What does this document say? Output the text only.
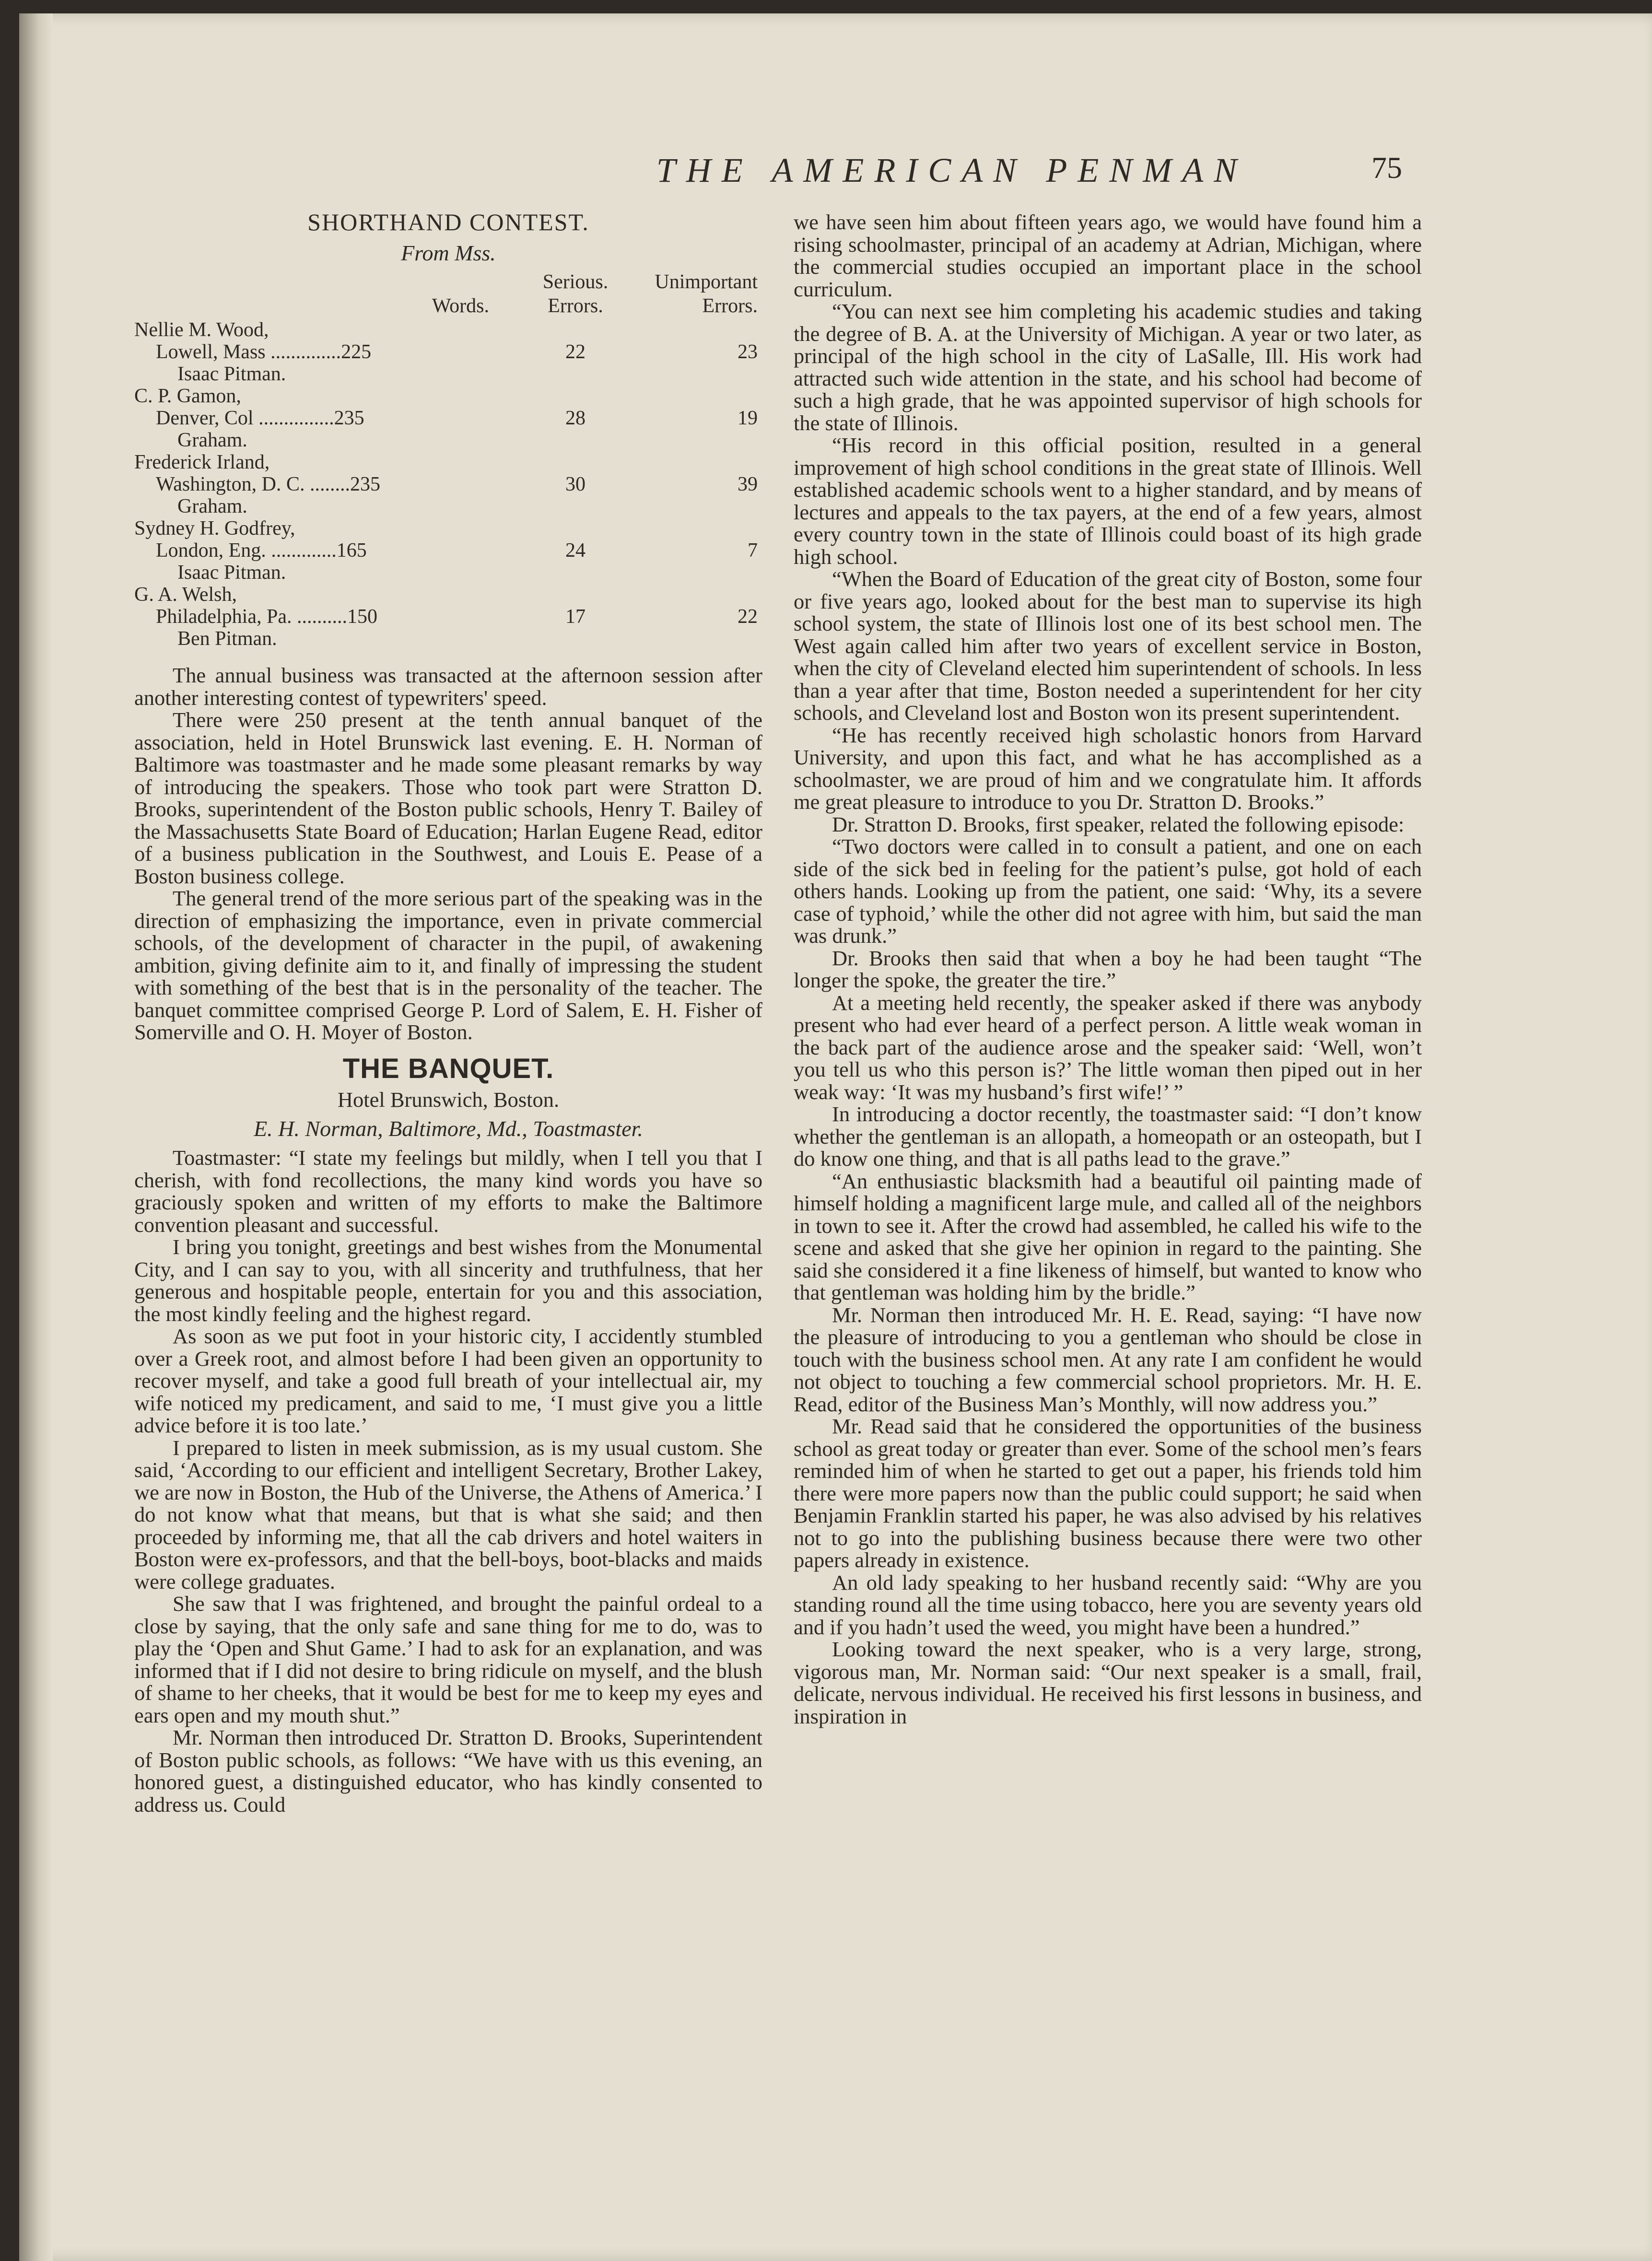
THE AMERICAN PENMAN	75
SHORTHAND CONTEST.
From Mss.
Serious.	Unimportant
Words.	Errors.	Errors.
Nellie M. Wood,
Lowell, Mass ..............225	22	23
Isaac Pitman.
C. P. Gamon,
Denver, Col ...............235	28	19
Graham.
Frederick Irland,
Washington, D. C. ........235	30	39
Graham.
Sydney H. Godfrey,
London, Eng. .............165	24	7
Isaac Pitman.
G. A. Welsh,
Philadelphia, Pa. ..........150	17	22
Ben Pitman.

The annual business was transacted at the afternoon session after another interesting contest of typewriters' speed.

There were 250 present at the tenth annual banquet of the association, held in Hotel Brunswick last evening. E. H. Norman of Baltimore was toastmaster and he made some pleasant remarks by way of introducing the speakers. Those who took part were Stratton D. Brooks, superintendent of the Boston public schools, Henry T. Bailey of the Massachusetts State Board of Education; Harlan Eugene Read, editor of a business publication in the Southwest, and Louis E. Pease of a Boston business college.

The general trend of the more serious part of the speaking was in the direction of emphasizing the importance, even in private commercial schools, of the development of character in the pupil, of awakening ambition, giving definite aim to it, and finally of impressing the student with something of the best that is in the personality of the teacher. The banquet committee comprised George P. Lord of Salem, E. H. Fisher of Somerville and O. H. Moyer of Boston.

THE BANQUET.
Hotel Brunswich, Boston.
E. H. Norman, Baltimore, Md., Toastmaster.

Toastmaster: “I state my feelings but mildly, when I tell you that I cherish, with fond recollections, the many kind words you have so graciously spoken and written of my efforts to make the Baltimore convention pleasant and successful.

I bring you tonight, greetings and best wishes from the Monumental City, and I can say to you, with all sincerity and truthfulness, that her generous and hospitable people, entertain for you and this association, the most kindly feeling and the highest regard.

As soon as we put foot in your historic city, I accidently stumbled over a Greek root, and almost before I had been given an opportunity to recover myself, and take a good full breath of your intellectual air, my wife noticed my predicament, and said to me, ‘I must give you a little advice before it is too late.’

I prepared to listen in meek submission, as is my usual custom. She said, ‘According to our efficient and intelligent Secretary, Brother Lakey, we are now in Boston, the Hub of the Universe, the Athens of America.’ I do not know what that means, but that is what she said; and then proceeded by informing me, that all the cab drivers and hotel waiters in Boston were ex-professors, and that the bell-boys, boot-blacks and maids were college graduates.

She saw that I was frightened, and brought the painful ordeal to a close by saying, that the only safe and sane thing for me to do, was to play the ‘Open and Shut Game.’ I had to ask for an explanation, and was informed that if I did not desire to bring ridicule on myself, and the blush of shame to her cheeks, that it would be best for me to keep my eyes and ears open and my mouth shut.”

Mr. Norman then introduced Dr. Stratton D. Brooks, Superintendent of Boston public schools, as follows: “We have with us this evening, an honored guest, a distinguished educator, who has kindly consented to address us. Could

we have seen him about fifteen years ago, we would have found him a rising schoolmaster, principal of an academy at Adrian, Michigan, where the commercial studies occupied an important place in the school curriculum.

“You can next see him completing his academic studies and taking the degree of B. A. at the University of Michigan. A year or two later, as principal of the high school in the city of LaSalle, Ill. His work had attracted such wide attention in the state, and his school had become of such a high grade, that he was appointed supervisor of high schools for the state of Illinois.

“His record in this official position, resulted in a general improvement of high school conditions in the great state of Illinois. Well established academic schools went to a higher standard, and by means of lectures and appeals to the tax payers, at the end of a few years, almost every country town in the state of Illinois could boast of its high grade high school.

“When the Board of Education of the great city of Boston, some four or five years ago, looked about for the best man to supervise its high school system, the state of Illinois lost one of its best school men. The West again called him after two years of excellent service in Boston, when the city of Cleveland elected him superintendent of schools. In less than a year after that time, Boston needed a superintendent for her city schools, and Cleveland lost and Boston won its present superintendent.

“He has recently received high scholastic honors from Harvard University, and upon this fact, and what he has accomplished as a schoolmaster, we are proud of him and we congratulate him. It affords me great pleasure to introduce to you Dr. Stratton D. Brooks.”

Dr. Stratton D. Brooks, first speaker, related the following episode:

“Two doctors were called in to consult a patient, and one on each side of the sick bed in feeling for the patient’s pulse, got hold of each others hands. Looking up from the patient, one said: ‘Why, its a severe case of typhoid,’ while the other did not agree with him, but said the man was drunk.”

Dr. Brooks then said that when a boy he had been taught “The longer the spoke, the greater the tire.”

At a meeting held recently, the speaker asked if there was anybody present who had ever heard of a perfect person. A little weak woman in the back part of the audience arose and the speaker said: ‘Well, won’t you tell us who this person is?’ The little woman then piped out in her weak way: ‘It was my husband’s first wife!’ ”

In introducing a doctor recently, the toastmaster said: “I don’t know whether the gentleman is an allopath, a homeopath or an osteopath, but I do know one thing, and that is all paths lead to the grave.”

“An enthusiastic blacksmith had a beautiful oil painting made of himself holding a magnificent large mule, and called all of the neighbors in town to see it. After the crowd had assembled, he called his wife to the scene and asked that she give her opinion in regard to the painting. She said she considered it a fine likeness of himself, but wanted to know who that gentleman was holding him by the bridle.”

Mr. Norman then introduced Mr. H. E. Read, saying: “I have now the pleasure of introducing to you a gentleman who should be close in touch with the business school men. At any rate I am confident he would not object to touching a few commercial school proprietors. Mr. H. E. Read, editor of the Business Man’s Monthly, will now address you.”

Mr. Read said that he considered the opportunities of the business school as great today or greater than ever. Some of the school men’s fears reminded him of when he started to get out a paper, his friends told him there were more papers now than the public could support; he said when Benjamin Franklin started his paper, he was also advised by his relatives not to go into the publishing business because there were two other papers already in existence.

An old lady speaking to her husband recently said: “Why are you standing round all the time using tobacco, here you are seventy years old and if you hadn’t used the weed, you might have been a hundred.”

Looking toward the next speaker, who is a very large, strong, vigorous man, Mr. Norman said: “Our next speaker is a small, frail, delicate, nervous individual. He received his first lessons in business, and inspiration in
